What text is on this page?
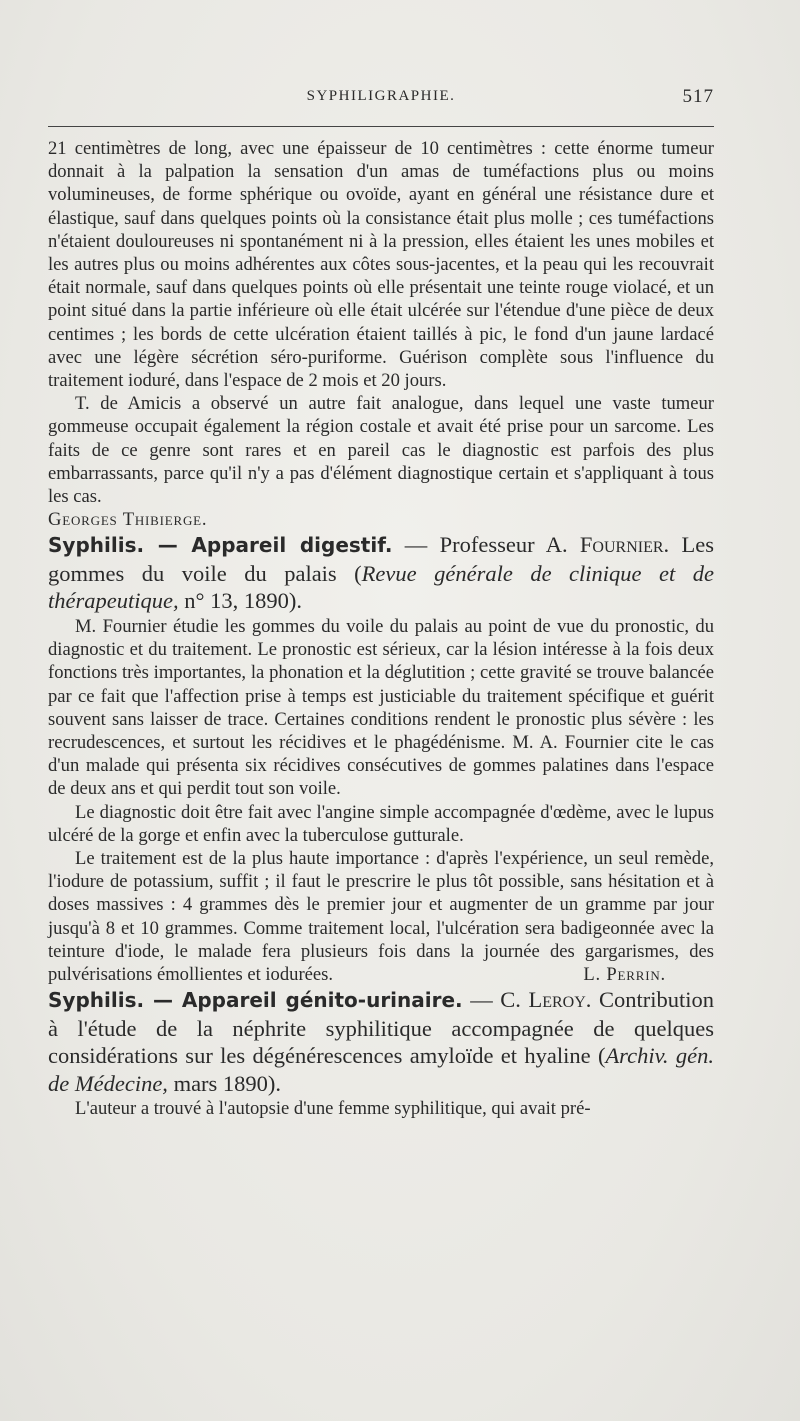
SYPHILIGRAPHIE.	517

21 centimètres de long, avec une épaisseur de 10 centimètres : cette énorme tumeur donnait à la palpation la sensation d'un amas de tuméfactions plus ou moins volumineuses, de forme sphérique ou ovoïde, ayant en général une résistance dure et élastique, sauf dans quelques points où la consistance était plus molle ; ces tuméfactions n'étaient douloureuses ni spontanément ni à la pression, elles étaient les unes mobiles et les autres plus ou moins adhérentes aux côtes sous-jacentes, et la peau qui les recouvrait était normale, sauf dans quelques points où elle présentait une teinte rouge violacé, et un point situé dans la partie inférieure où elle était ulcérée sur l'étendue d'une pièce de deux centimes ; les bords de cette ulcération étaient taillés à pic, le fond d'un jaune lardacé avec une légère sécrétion séro-puriforme. Guérison complète sous l'influence du traitement ioduré, dans l'espace de 2 mois et 20 jours.

T. de Amicis a observé un autre fait analogue, dans lequel une vaste tumeur gommeuse occupait également la région costale et avait été prise pour un sarcome. Les faits de ce genre sont rares et en pareil cas le diagnostic est parfois des plus embarrassants, parce qu'il n'y a pas d'élément diagnostique certain et s'appliquant à tous les cas.

Georges Thibierge.

Syphilis. — Appareil digestif. — Professeur A. Fournier. Les gommes du voile du palais (Revue générale de clinique et de thérapeutique, n° 13, 1890).

M. Fournier étudie les gommes du voile du palais au point de vue du pronostic, du diagnostic et du traitement. Le pronostic est sérieux, car la lésion intéresse à la fois deux fonctions très importantes, la phonation et la déglutition ; cette gravité se trouve balancée par ce fait que l'affection prise à temps est justiciable du traitement spécifique et guérit souvent sans laisser de trace. Certaines conditions rendent le pronostic plus sévère : les recrudescences, et surtout les récidives et le phagédénisme. M. A. Fournier cite le cas d'un malade qui présenta six récidives consécutives de gommes palatines dans l'espace de deux ans et qui perdit tout son voile.

Le diagnostic doit être fait avec l'angine simple accompagnée d'œdème, avec le lupus ulcéré de la gorge et enfin avec la tuberculose gutturale.

Le traitement est de la plus haute importance : d'après l'expérience, un seul remède, l'iodure de potassium, suffit ; il faut le prescrire le plus tôt possible, sans hésitation et à doses massives : 4 grammes dès le premier jour et augmenter de un gramme par jour jusqu'à 8 et 10 grammes. Comme traitement local, l'ulcération sera badigeonnée avec la teinture d'iode, le malade fera plusieurs fois dans la journée des gargarismes, des pulvérisations émollientes et iodurées.	L. Perrin.

Syphilis. — Appareil génito-urinaire. — C. Leroy. Contribution à l'étude de la néphrite syphilitique accompagnée de quelques considérations sur les dégénérescences amyloïde et hyaline (Archiv. gén. de Médecine, mars 1890).

L'auteur a trouvé à l'autopsie d'une femme syphilitique, qui avait pré-
